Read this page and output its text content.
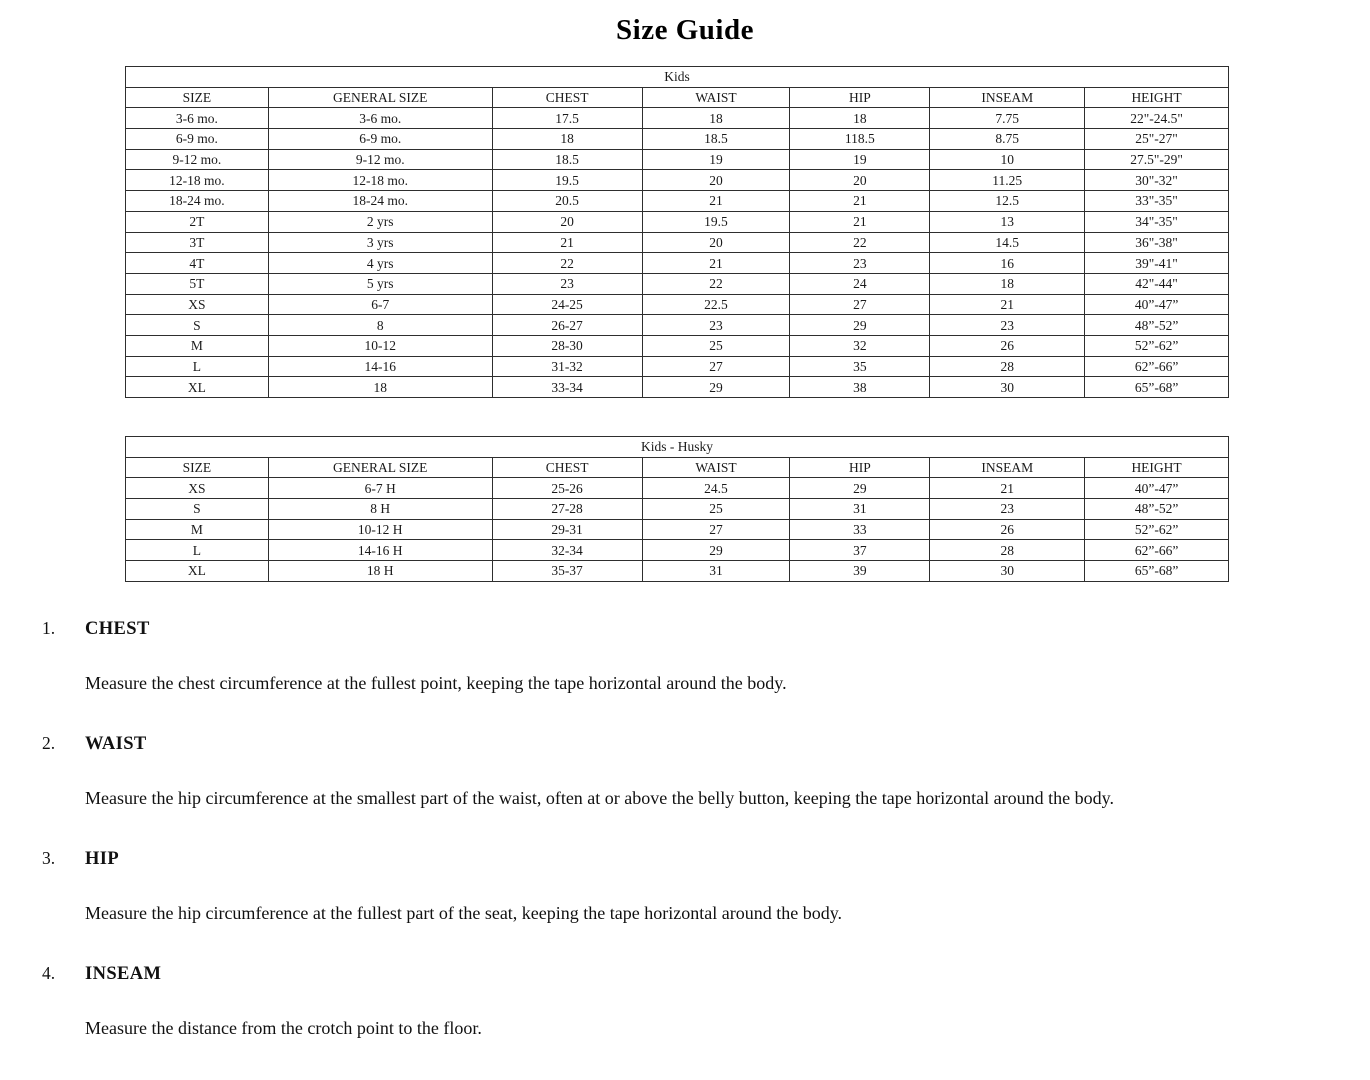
Size Guide
Kids						
SIZE	GENERAL SIZE	CHEST	WAIST	HIP	INSEAM	HEIGHT
3-6 mo.	3-6 mo.	17.5	18	18	7.75	22"-24.5"
6-9 mo.	6-9 mo.	18	18.5	118.5	8.75	25"-27"
9-12 mo.	9-12 mo.	18.5	19	19	10	27.5"-29"
12-18 mo.	12-18 mo.	19.5	20	20	11.25	30"-32"
18-24 mo.	18-24 mo.	20.5	21	21	12.5	33"-35"
2T	2 yrs	20	19.5	21	13	34"-35"
3T	3 yrs	21	20	22	14.5	36"-38"
4T	4 yrs	22	21	23	16	39"-41"
5T	5 yrs	23	22	24	18	42"-44"
XS	6-7	24-25	22.5	27	21	40”-47”
S	8	26-27	23	29	23	48”-52”
M	10-12	28-30	25	32	26	52”-62”
L	14-16	31-32	27	35	28	62”-66”
XL	18	33-34	29	38	30	65”-68”
Kids - Husky						
SIZE	GENERAL SIZE	CHEST	WAIST	HIP	INSEAM	HEIGHT
XS	6-7 H	25-26	24.5	29	21	40”-47”
S	8 H	27-28	25	31	23	48”-52”
M	10-12 H	29-31	27	33	26	52”-62”
L	14-16 H	32-34	29	37	28	62”-66”
XL	18 H	35-37	31	39	30	65”-68”
1.	CHEST
Measure the chest circumference at the fullest point, keeping the tape horizontal around the body.
2.	WAIST
Measure the hip circumference at the smallest part of the waist, often at or above the belly button, keeping the tape horizontal around the body.
3.	HIP
Measure the hip circumference at the fullest part of the seat, keeping the tape horizontal around the body.
4.	INSEAM
Measure the distance from the crotch point to the floor.
